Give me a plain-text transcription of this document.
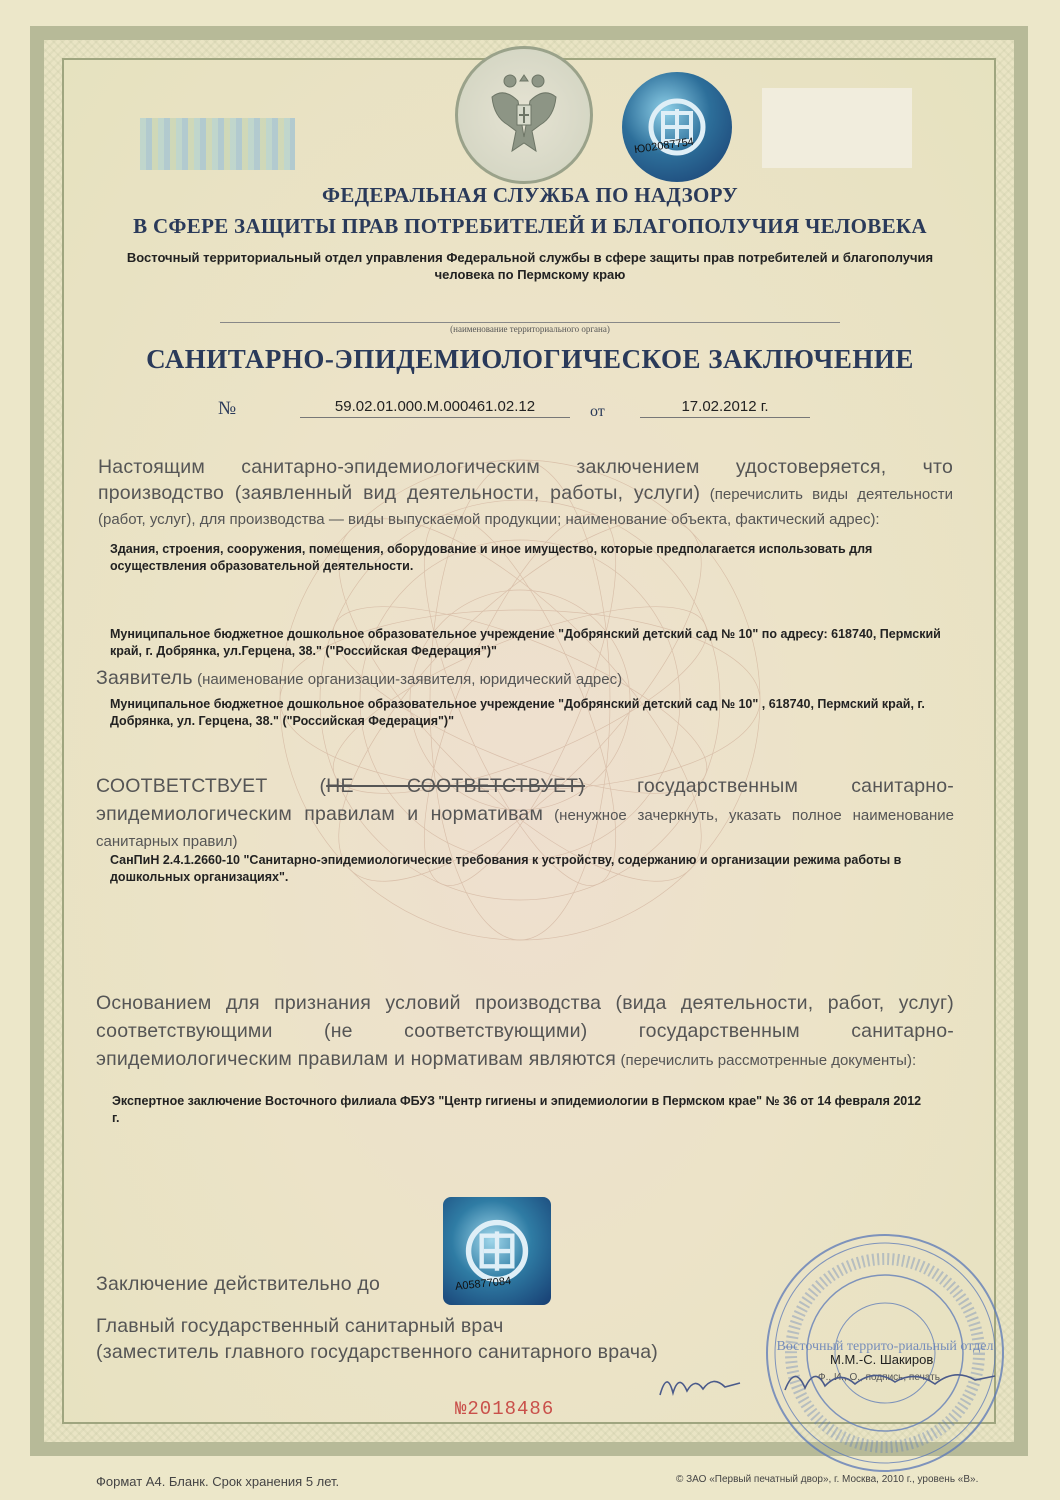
Ю02087754
ФЕДЕРАЛЬНАЯ СЛУЖБА ПО НАДЗОРУ
В СФЕРЕ ЗАЩИТЫ ПРАВ ПОТРЕБИТЕЛЕЙ И БЛАГОПОЛУЧИЯ ЧЕЛОВЕКА
Восточный территориальный отдел управления Федеральной службы в сфере защиты прав потребителей и благополучия
человека по Пермскому краю
(наименование территориального органа)
САНИТАРНО-ЭПИДЕМИОЛОГИЧЕСКОЕ ЗАКЛЮЧЕНИЕ
№	59.02.01.000.М.000461.02.12	от	17.02.2012 г.
Настоящим санитарно-эпидемиологическим заключением удостоверяется, что производство (заявленный вид деятельности, работы, услуги) (перечислить виды деятельности (работ, услуг), для производства — виды выпускаемой продукции; наименование объекта, фактический адрес):
Здания, строения, сооружения, помещения, оборудование и иное имущество, которые предполагается использовать для осуществления образовательной деятельности.
Муниципальное бюджетное дошкольное образовательное учреждение "Добрянский детский сад № 10" по адресу: 618740, Пермский край, г. Добрянка, ул.Герцена, 38." ("Российская Федерация")"
Заявитель (наименование организации-заявителя, юридический адрес)
Муниципальное бюджетное дошкольное образовательное учреждение "Добрянский детский сад № 10" , 618740, Пермский край, г. Добрянка, ул. Герцена, 38." ("Российская Федерация")"
СООТВЕТСТВУЕТ	(НЕ СООТВЕТСТВУЕТ)	государственным санитарно-эпидемиологическим правилам и нормативам (ненужное зачеркнуть, указать полное наименование санитарных правил)
СанПиН 2.4.1.2660-10 "Санитарно-эпидемиологические требования к устройству, содержанию и организации режима работы в дошкольных организациях".
Основанием для признания условий производства (вида деятельности, работ, услуг) соответствующими (не соответствующими) государственным санитарно-эпидемиологическим правилам и нормативам являются (перечислить рассмотренные документы):
Экспертное заключение Восточного филиала ФБУЗ "Центр гигиены и эпидемиологии в Пермском крае" № 36 от 14 февраля 2012 г.
А05877084
Заключение действительно до
Главный государственный санитарный врач
(заместитель главного государственного санитарного врача)	Восточный террито-риальный отдел
М.М.-С. Шакиров
Ф., И., О., подпись, печать
№2018486
Формат А4. Бланк. Срок хранения 5 лет.	© ЗАО «Первый печатный двор», г. Москва, 2010 г., уровень «В».
